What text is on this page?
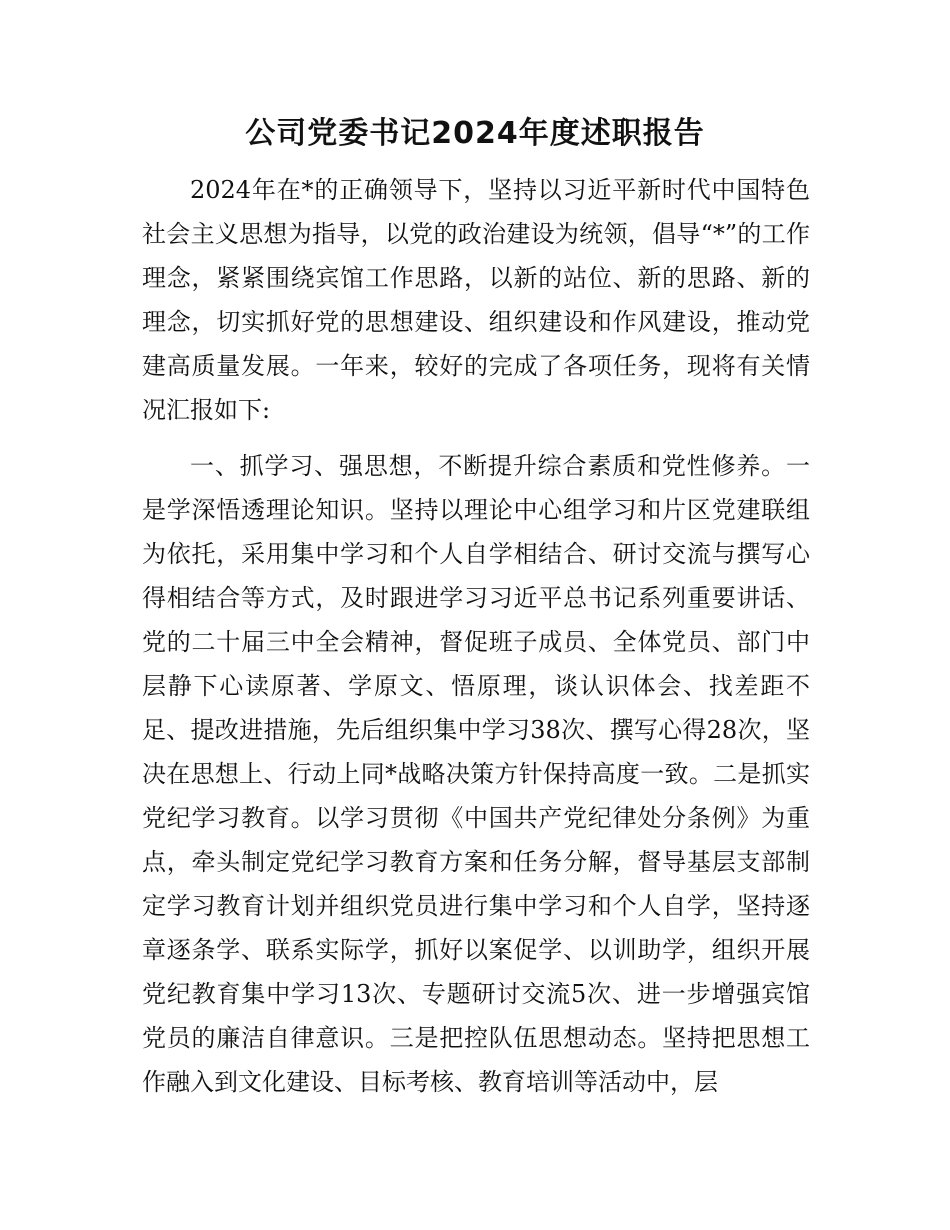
公司党委书记2024年度述职报告

2024年在*的正确领导下，坚持以习近平新时代中国特色社会主义思想为指导，以党的政治建设为统领，倡导“*”的工作理念，紧紧围绕宾馆工作思路，以新的站位、新的思路、新的理念，切实抓好党的思想建设、组织建设和作风建设，推动党建高质量发展。一年来，较好的完成了各项任务，现将有关情况汇报如下:

一、抓学习、强思想，不断提升综合素质和党性修养。一是学深悟透理论知识。坚持以理论中心组学习和片区党建联组为依托，采用集中学习和个人自学相结合、研讨交流与撰写心得相结合等方式，及时跟进学习习近平总书记系列重要讲话、党的二十届三中全会精神，督促班子成员、全体党员、部门中层静下心读原著、学原文、悟原理，谈认识体会、找差距不足、提改进措施，先后组织集中学习38次、撰写心得28次，坚决在思想上、行动上同*战略决策方针保持高度一致。二是抓实党纪学习教育。以学习贯彻《中国共产党纪律处分条例》为重点，牵头制定党纪学习教育方案和任务分解，督导基层支部制定学习教育计划并组织党员进行集中学习和个人自学，坚持逐章逐条学、联系实际学，抓好以案促学、以训助学，组织开展党纪教育集中学习13次、专题研讨交流5次、进一步增强宾馆党员的廉洁自律意识。三是把控队伍思想动态。坚持把思想工作融入到文化建设、目标考核、教育培训等活动中，层
